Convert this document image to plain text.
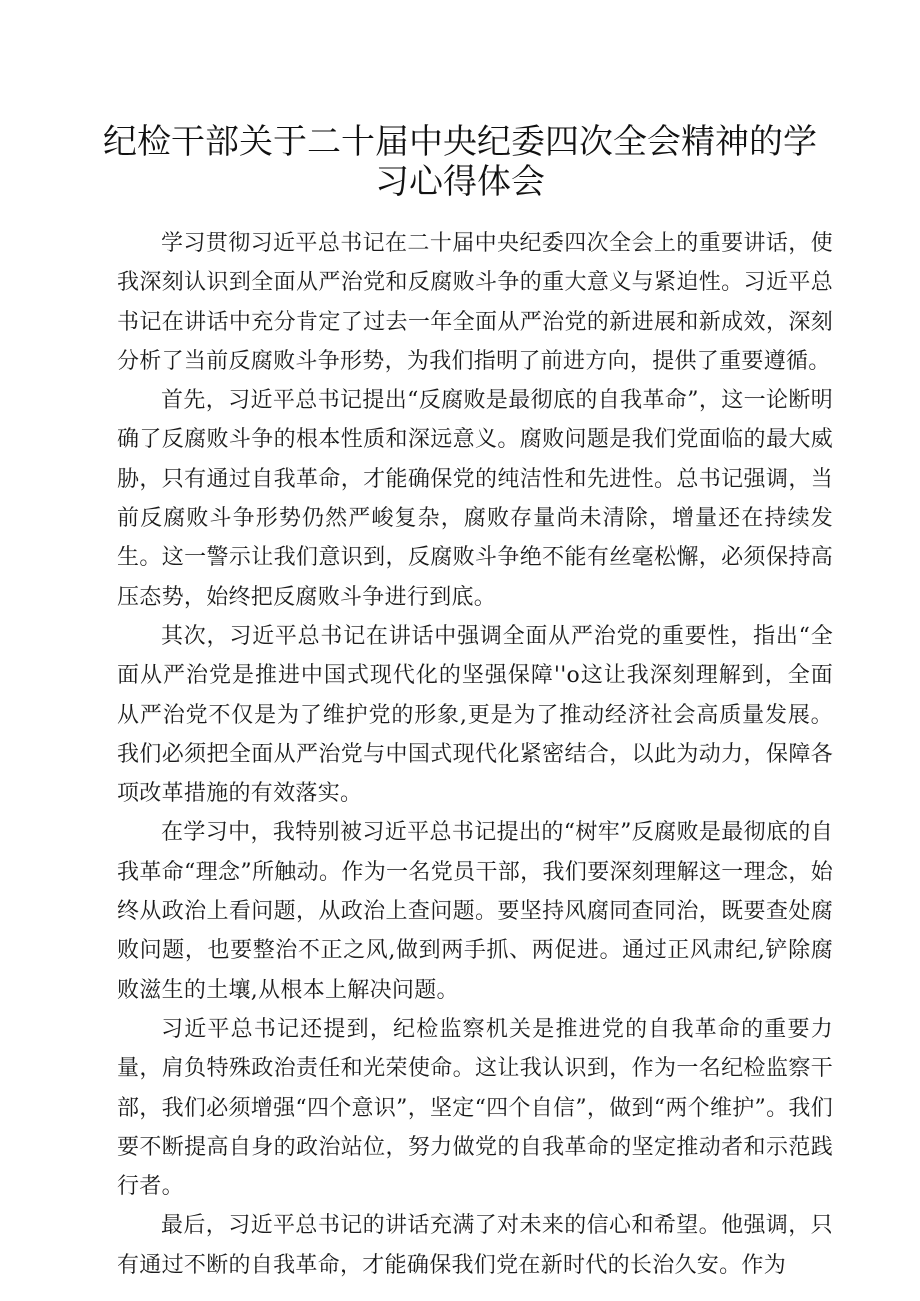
纪检干部关于二十届中央纪委四次全会精神的学习心得体会

学习贯彻习近平总书记在二十届中央纪委四次全会上的重要讲话，使我深刻认识到全面从严治党和反腐败斗争的重大意义与紧迫性。习近平总书记在讲话中充分肯定了过去一年全面从严治党的新进展和新成效，深刻分析了当前反腐败斗争形势，为我们指明了前进方向，提供了重要遵循。

首先，习近平总书记提出“反腐败是最彻底的自我革命”，这一论断明确了反腐败斗争的根本性质和深远意义。腐败问题是我们党面临的最大威胁，只有通过自我革命，才能确保党的纯洁性和先进性。总书记强调，当前反腐败斗争形势仍然严峻复杂，腐败存量尚未清除，增量还在持续发生。这一警示让我们意识到，反腐败斗争绝不能有丝毫松懈，必须保持高压态势，始终把反腐败斗争进行到底。

其次，习近平总书记在讲话中强调全面从严治党的重要性，指出“全面从严治党是推进中国式现代化的坚强保障''o这让我深刻理解到，全面从严治党不仅是为了维护党的形象,更是为了推动经济社会高质量发展。我们必须把全面从严治党与中国式现代化紧密结合，以此为动力，保障各项改革措施的有效落实。

在学习中，我特别被习近平总书记提出的“树牢”反腐败是最彻底的自我革命“理念”所触动。作为一名党员干部，我们要深刻理解这一理念，始终从政治上看问题，从政治上查问题。要坚持风腐同查同治，既要查处腐败问题，也要整治不正之风,做到两手抓、两促进。通过正风肃纪,铲除腐败滋生的土壤,从根本上解决问题。

习近平总书记还提到，纪检监察机关是推进党的自我革命的重要力量，肩负特殊政治责任和光荣使命。这让我认识到，作为一名纪检监察干部，我们必须增强“四个意识”，坚定“四个自信”，做到“两个维护”。我们要不断提高自身的政治站位，努力做党的自我革命的坚定推动者和示范践行者。

最后，习近平总书记的讲话充满了对未来的信心和希望。他强调，只有通过不断的自我革命，才能确保我们党在新时代的长治久安。作为
